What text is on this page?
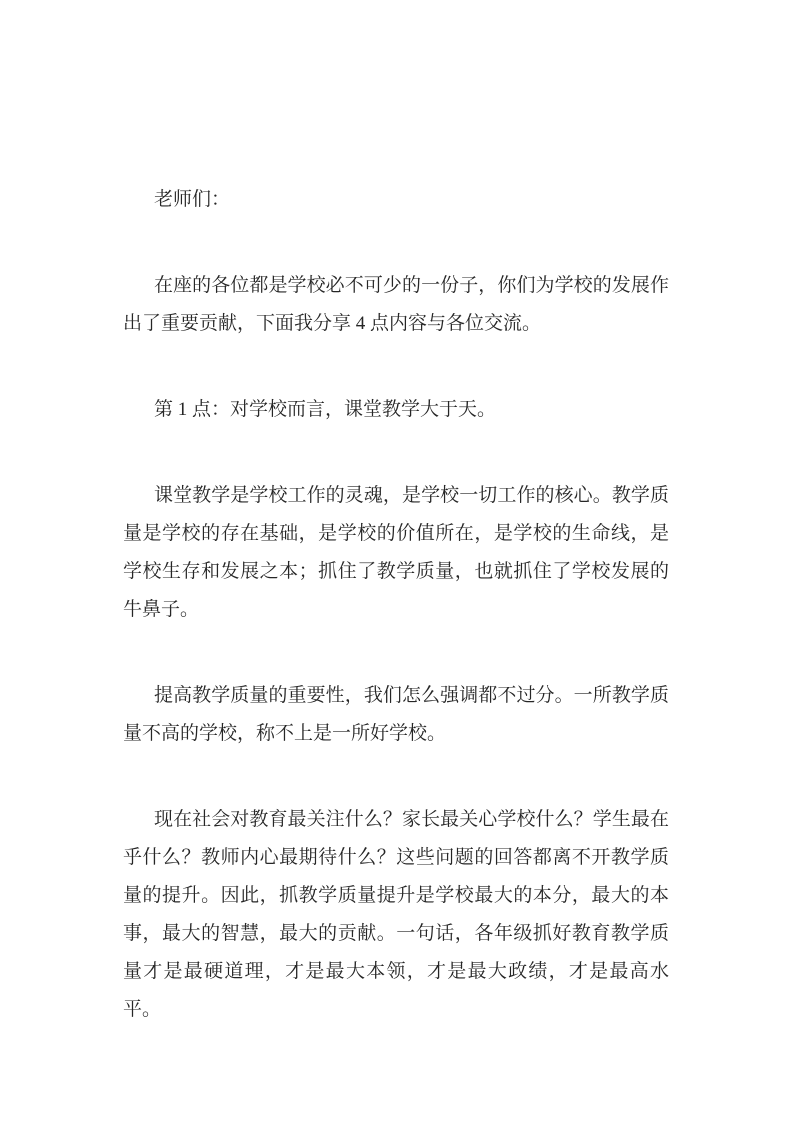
老师们：

在座的各位都是学校必不可少的一份子，你们为学校的发展作出了重要贡献，下面我分享 4 点内容与各位交流。

第 1 点：对学校而言，课堂教学大于天。

课堂教学是学校工作的灵魂，是学校一切工作的核心。教学质量是学校的存在基础，是学校的价值所在，是学校的生命线，是学校生存和发展之本；抓住了教学质量，也就抓住了学校发展的牛鼻子。

提高教学质量的重要性，我们怎么强调都不过分。一所教学质量不高的学校，称不上是一所好学校。

现在社会对教育最关注什么？家长最关心学校什么？学生最在乎什么？教师内心最期待什么？这些问题的回答都离不开教学质量的提升。因此，抓教学质量提升是学校最大的本分，最大的本事，最大的智慧，最大的贡献。一句话，各年级抓好教育教学质量才是最硬道理，才是最大本领，才是最大政绩，才是最高水平。
